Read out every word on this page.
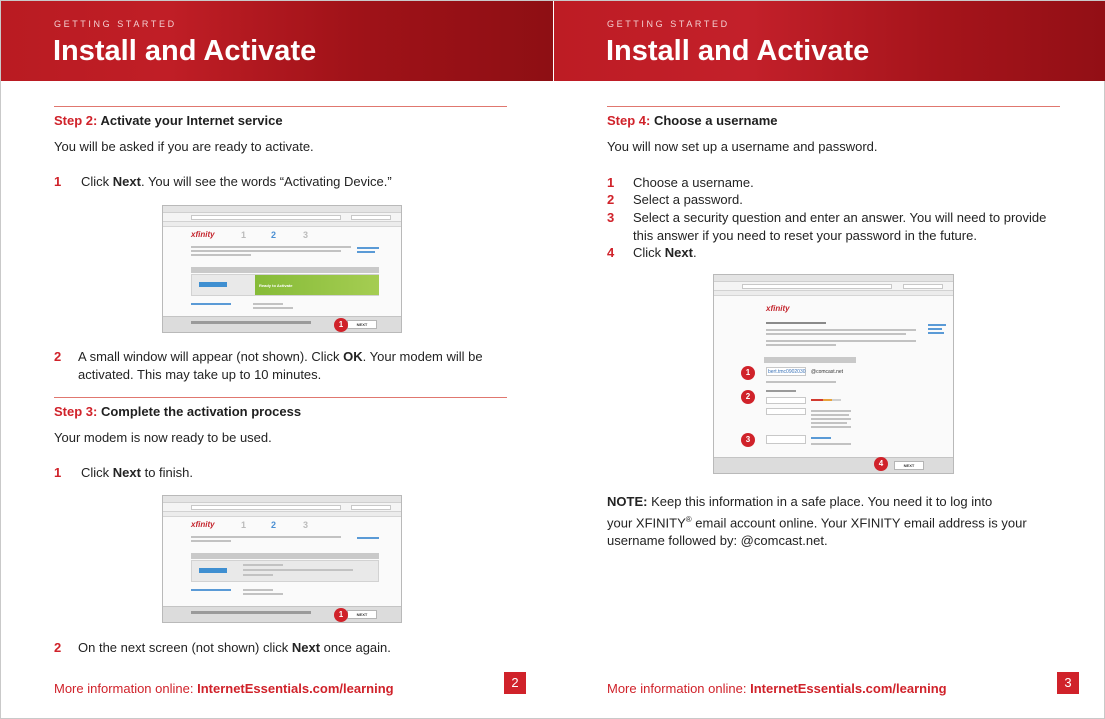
GETTING STARTED
Install and Activate
Step 2: Activate your Internet service
You will be asked if you are ready to activate.
1 Click Next. You will see the words “Activating Device.”
xfinity	1	2	3
Ready to Activate
NEXT
1
2 A small window will appear (not shown). Click OK. Your modem will be activated. This may take up to 10 minutes.
Step 3: Complete the activation process
Your modem is now ready to be used.
1 Click Next to finish.
xfinity	1	2	3
NEXT
1
2 On the next screen (not shown) click Next once again.
More information online: InternetEssentials.com/learning	2
GETTING STARTED
Install and Activate
Step 4: Choose a username
You will now set up a username and password.
1 Choose a username.
2 Select a password.
3 Select a security question and enter an answer. You will need to provide this answer if you need to reset your password in the future.
4 Click Next.
xfinity
bert.tmc0902030 @comcast.net
NEXT
1
2
3
4
NOTE: Keep this information in a safe place. You need it to log into
your XFINITY® email account online. Your XFINITY email address is your
username followed by: @comcast.net.
More information online: InternetEssentials.com/learning	3
